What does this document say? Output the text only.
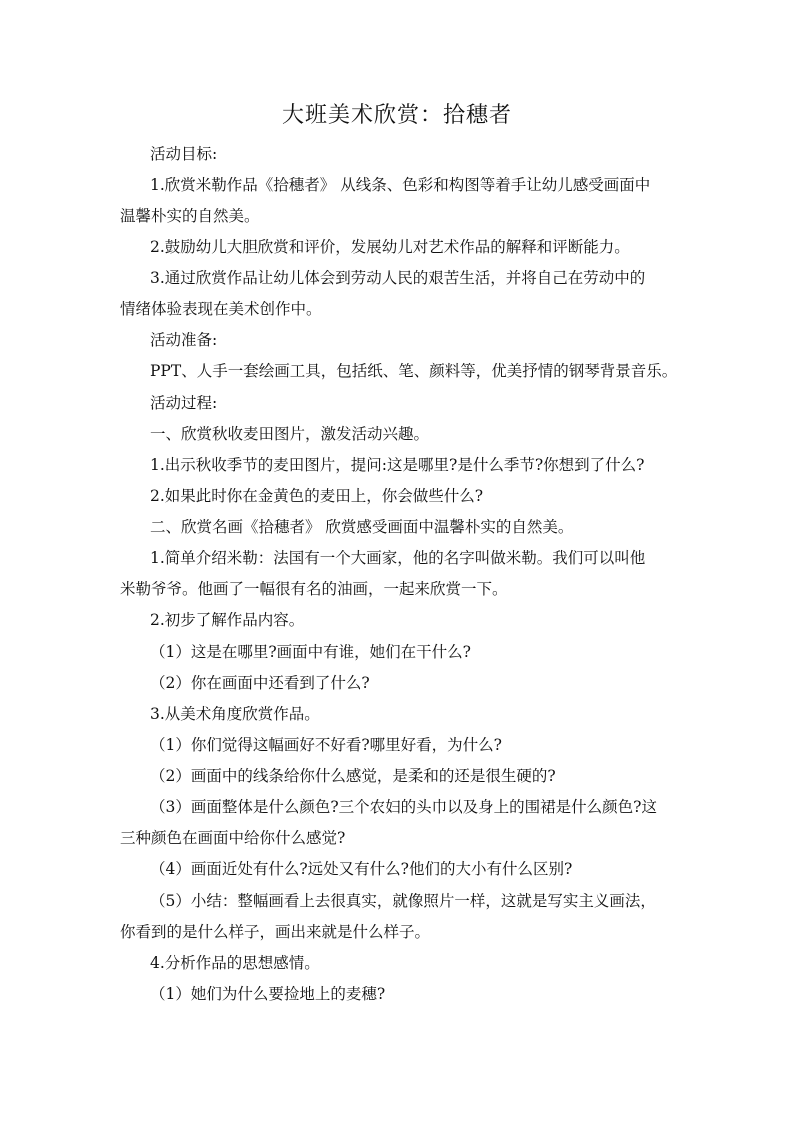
大班美术欣赏：拾穗者
活动目标:
1.欣赏米勒作品《拾穗者》 从线条、色彩和构图等着手让幼儿感受画面中
温馨朴实的自然美。
2.鼓励幼儿大胆欣赏和评价，发展幼儿对艺术作品的解释和评断能力。
3.通过欣赏作品让幼儿体会到劳动人民的艰苦生活，并将自己在劳动中的
情绪体验表现在美术创作中。
活动准备:
PPT、人手一套绘画工具，包括纸、笔、颜料等，优美抒情的钢琴背景音乐。
活动过程:
一、欣赏秋收麦田图片，激发活动兴趣。
1.出示秋收季节的麦田图片，提问:这是哪里?是什么季节?你想到了什么?
2.如果此时你在金黄色的麦田上，你会做些什么?
二、欣赏名画《拾穗者》 欣赏感受画面中温馨朴实的自然美。
1.简单介绍米勒：法国有一个大画家，他的名字叫做米勒。我们可以叫他
米勒爷爷。他画了一幅很有名的油画，一起来欣赏一下。
2.初步了解作品内容。
（1）这是在哪里?画面中有谁，她们在干什么?
（2）你在画面中还看到了什么?
3.从美术角度欣赏作品。
（1）你们觉得这幅画好不好看?哪里好看，为什么?
（2）画面中的线条给你什么感觉，是柔和的还是很生硬的?
（3）画面整体是什么颜色?三个农妇的头巾以及身上的围裙是什么颜色?这
三种颜色在画面中给你什么感觉?
（4）画面近处有什么?远处又有什么?他们的大小有什么区别?
（5）小结：整幅画看上去很真实，就像照片一样，这就是写实主义画法，
你看到的是什么样子，画出来就是什么样子。
4.分析作品的思想感情。
（1）她们为什么要捡地上的麦穗?
